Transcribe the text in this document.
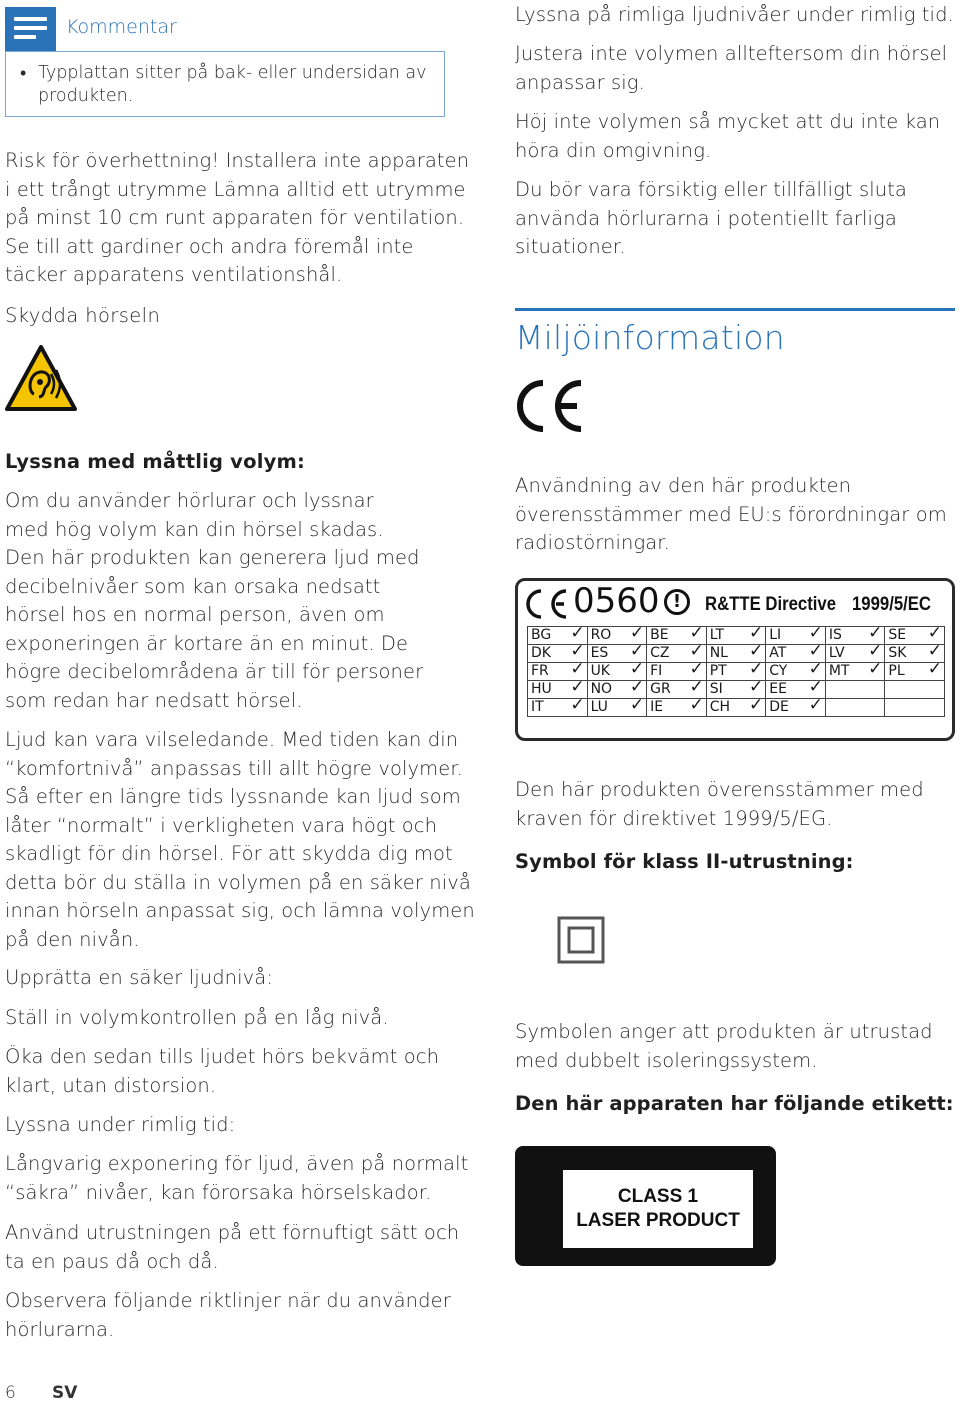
Kommentar
• Typplattan sitter på bak- eller undersidan av
produkten.
Risk för överhettning! Installera inte apparaten
i ett trångt utrymme Lämna alltid ett utrymme
på minst 10 cm runt apparaten för ventilation.
Se till att gardiner och andra föremål inte
täcker apparatens ventilationshål.
Skydda hörseln
Lyssna med måttlig volym:
Om du använder hörlurar och lyssnar
med hög volym kan din hörsel skadas.
Den här produkten kan generera ljud med
decibelnivåer som kan orsaka nedsatt
hörsel hos en normal person, även om
exponeringen är kortare än en minut. De
högre decibelområdena är till för personer
som redan har nedsatt hörsel.
Ljud kan vara vilseledande. Med tiden kan din
“komfortnivå” anpassas till allt högre volymer.
Så efter en längre tids lyssnande kan ljud som
låter “normalt” i verkligheten vara högt och
skadligt för din hörsel. För att skydda dig mot
detta bör du ställa in volymen på en säker nivå
innan hörseln anpassat sig, och lämna volymen
på den nivån.
Upprätta en säker ljudnivå:
Ställ in volymkontrollen på en låg nivå.
Öka den sedan tills ljudet hörs bekvämt och
klart, utan distorsion.
Lyssna under rimlig tid:
Långvarig exponering för ljud, även på normalt
“säkra” nivåer, kan förorsaka hörselskador.
Använd utrustningen på ett förnuftigt sätt och
ta en paus då och då.
Observera följande riktlinjer när du använder
hörlurarna.
Lyssna på rimliga ljudnivåer under rimlig tid.
Justera inte volymen allteftersom din hörsel
anpassar sig.
Höj inte volymen så mycket att du inte kan
höra din omgivning.
Du bör vara försiktig eller tillfälligt sluta
använda hörlurarna i potentiellt farliga
situationer.
Miljöinformation
Användning av den här produkten
överensstämmer med EU:s förordningar om
radiostörningar.
0560 !	R&TTE Directive 1999/5/EC
BG ✓	RO ✓	BE ✓	LT ✓	LI ✓	IS ✓	SE ✓

DK ✓	ES ✓	CZ ✓	NL ✓	AT ✓	LV ✓	SK ✓

FR ✓	UK ✓	FI ✓	PT ✓	CY ✓	MT ✓	PL ✓

HU ✓	NO ✓	GR ✓	SI ✓	EE ✓		

IT ✓	LU ✓	IE ✓	CH ✓	DE ✓		

Den här produkten överensstämmer med
kraven för direktivet 1999/5/EG.
Symbol för klass II-utrustning:
Symbolen anger att produkten är utrustad
med dubbelt isoleringssystem.
Den här apparaten har följande etikett:
CLASS 1
LASER PRODUCT
6 SV
